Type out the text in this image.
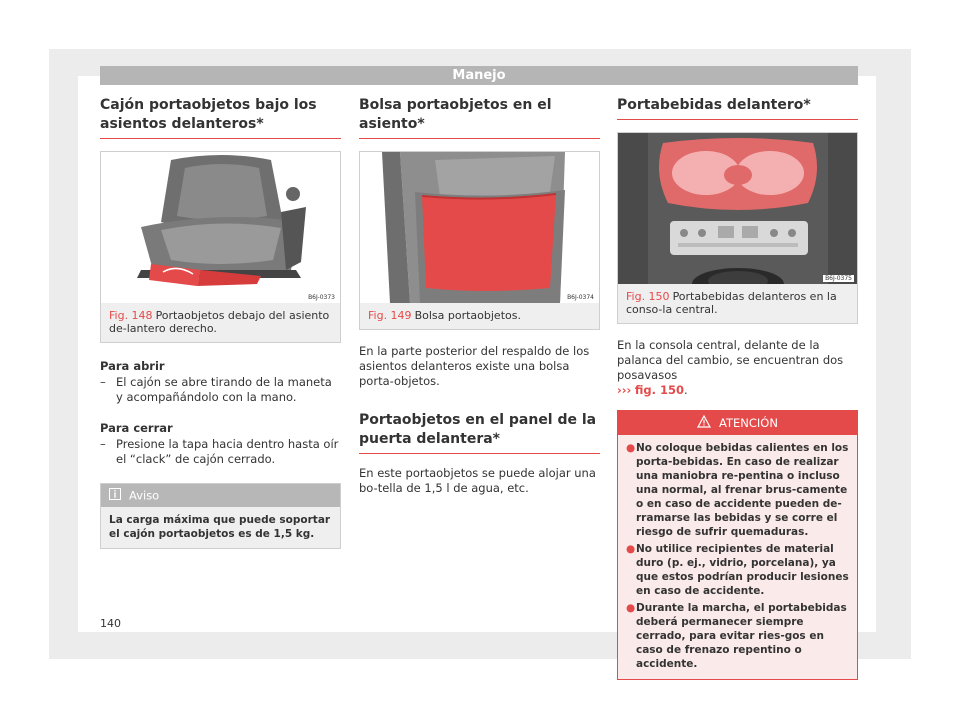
Manejo
Cajón portaobjetos bajo los asientos delanteros*
B6J-0373
Fig. 148 Portaobjetos debajo del asiento de-lantero derecho.
Para abrir
– El cajón se abre tirando de la maneta y acompañándolo con la mano.
Para cerrar
– Presione la tapa hacia dentro hasta oír el “clack” de cajón cerrado.
Aviso
La carga máxima que puede soportar el cajón portaobjetos es de 1,5 kg.
Bolsa portaobjetos en el asiento*
B6J-0374
Fig. 149 Bolsa portaobjetos.

En la parte posterior del respaldo de los asientos delanteros existe una bolsa porta-objetos.

Portaobjetos en el panel de la puerta delantera*

En este portaobjetos se puede alojar una bo-tella de 1,5 l de agua, etc.

Portabebidas delantero*
B6J-0375
Fig. 150 Portabebidas delanteros en la conso-la central.

En la consola central, delante de la palanca del cambio, se encuentran dos posavasos
››› fig. 150.

ATENCIÓN
● No coloque bebidas calientes en los porta-bebidas. En caso de realizar una maniobra re-pentina o incluso una normal, al frenar brus-camente o en caso de accidente pueden de-rramarse las bebidas y se corre el riesgo de sufrir quemaduras.
● No utilice recipientes de material duro (p. ej., vidrio, porcelana), ya que estos podrían producir lesiones en caso de accidente.
● Durante la marcha, el portabebidas deberá permanecer siempre cerrado, para evitar ries-gos en caso de frenazo repentino o accidente.
140
